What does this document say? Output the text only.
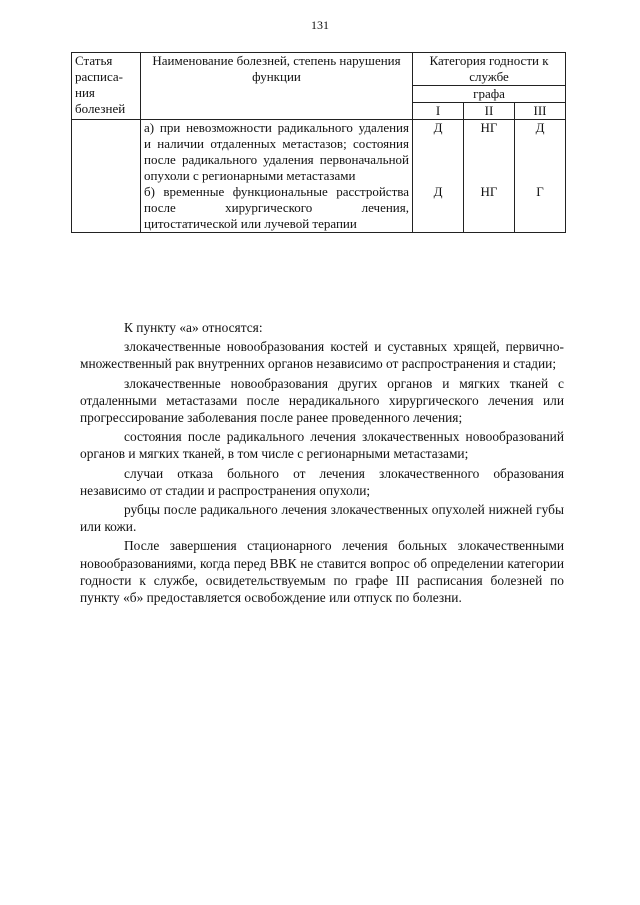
131
Статья расписа-ния болезней	Наименование болезней, степень нарушения функции	Категория годности к службе		
		графа		
		I	II	III
	а) при невозможности радикального удаления и наличии отдаленных метастазов; состояния после радикального удаления первоначальной опухоли с регионарными метастазами	Д	НГ	Д
	б) временные функциональные расстройства после хирургического лечения, цитостатической или лучевой терапии	Д	НГ	Г

К пункту «а» относятся:

злокачественные новообразования костей и суставных хрящей, первично-множественный рак внутренних органов независимо от распространения и стадии;

злокачественные новообразования других органов и мягких тканей с отдаленными метастазами после нерадикального хирургического лечения или прогрессирование заболевания после ранее проведенного лечения;

состояния после радикального лечения злокачественных новообразований органов и мягких тканей, в том числе с регионарными метастазами;

случаи отказа больного от лечения злокачественного образования независимо от стадии и распространения опухоли;

рубцы после радикального лечения злокачественных опухолей нижней губы или кожи.

После завершения стационарного лечения больных злокачественными новообразованиями, когда перед ВВК не ставится вопрос об определении категории годности к службе, освидетельствуемым по графе III расписания болезней по пункту «б» предоставляется освобождение или отпуск по болезни.
